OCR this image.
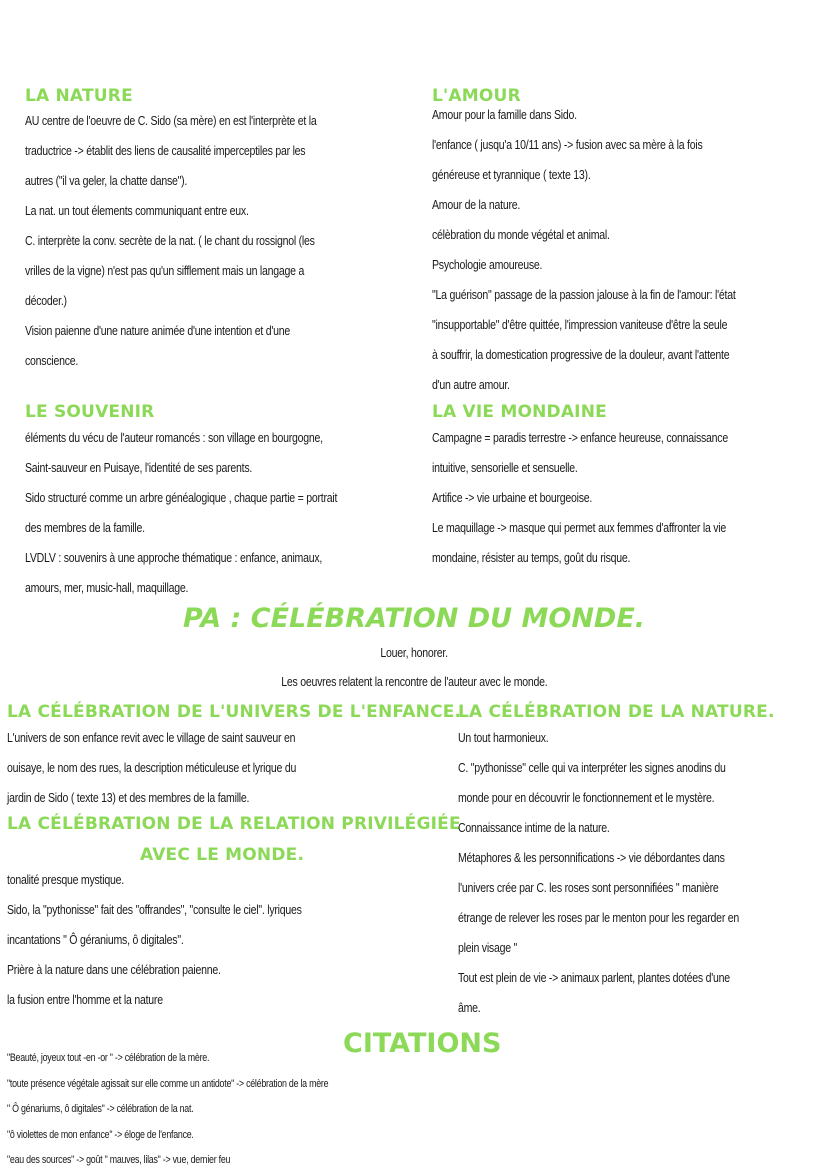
LA NATURE
AU centre de l'oeuvre de C. Sido (sa mère) en est l'interprète et la
traductrice -> établit des liens de causalité imperceptiles par les
autres ("il va geler, la chatte danse").
La nat. un tout élements communiquant entre eux.
C. interprète la conv. secrète de la nat. ( le chant du rossignol (les
vrilles de la vigne) n'est pas qu'un sifflement mais un langage a
décoder.)
Vision paienne d'une nature animée d'une intention et d'une
conscience.
L'AMOUR
Amour pour la famille dans Sido.
l'enfance ( jusqu'a 10/11 ans) -> fusion avec sa mère à la fois
généreuse et tyrannique ( texte 13).
Amour de la nature.
célèbration du monde végétal et animal.
Psychologie amoureuse.
"La guérison" passage de la passion jalouse à la fin de l'amour: l'état
"insupportable" d'être quittée, l'impression vaniteuse d'être la seule
à souffrir, la domestication progressive de la douleur, avant l'attente
d'un autre amour.
LE SOUVENIR
éléments du vécu de l'auteur romancés : son village en bourgogne,
Saint-sauveur en Puisaye, l'identité de ses parents.
Sido structuré comme un arbre généalogique , chaque partie = portrait
des membres de la famille.
LVDLV : souvenirs à une approche thématique : enfance, animaux,
amours, mer, music-hall, maquillage.
LA VIE MONDAINE
Campagne = paradis terrestre -> enfance heureuse, connaissance
intuitive, sensorielle et sensuelle.
Artifice -> vie urbaine et bourgeoise.
Le maquillage -> masque qui permet aux femmes d'affronter la vie
mondaine, résister au temps, goût du risque.
PA : CÉLÉBRATION DU MONDE.
Louer, honorer.
Les oeuvres relatent la rencontre de l'auteur avec le monde.
LA CÉLÉBRATION DE L'UNIVERS DE L'ENFANCE.
L'univers de son enfance revit avec le village de saint sauveur en
ouisaye, le nom des rues, la description méticuleuse et lyrique du
jardin de Sido ( texte 13) et des membres de la famille.
LA CÉLÉBRATION DE LA RELATION PRIVILÉGIÉE
AVEC LE MONDE.
tonalité presque mystique.
Sido, la "pythonisse" fait des "offrandes", "consulte le ciel". lyriques
incantations " Ô géraniums, ô digitales".
Prière à la nature dans une célébration paienne.
la fusion entre l'homme et la nature
LA CÉLÉBRATION DE LA NATURE.
Un tout harmonieux.
C. "pythonisse" celle qui va interpréter les signes anodins du
monde pour en découvrir le fonctionnement et le mystère.
Connaissance intime de la nature.
Métaphores & les personnifications -> vie débordantes dans
l'univers crée par C. les roses sont personnifiées " manière
étrange de relever les roses par le menton pour les regarder en
plein visage "
Tout est plein de vie -> animaux parlent, plantes dotées d'une
âme.
CITATIONS
"Beauté, joyeux tout -en -or " -> célébration de la mère.
"toute présence végétale agissait sur elle comme un antidote" -> célébration de la mère
" Ô génariums, ô digitales" -> célébration de la nat.
"ô violettes de mon enfance" -> éloge de l'enfance.
"eau des sources" -> goût " mauves, lilas" -> vue, dernier feu
